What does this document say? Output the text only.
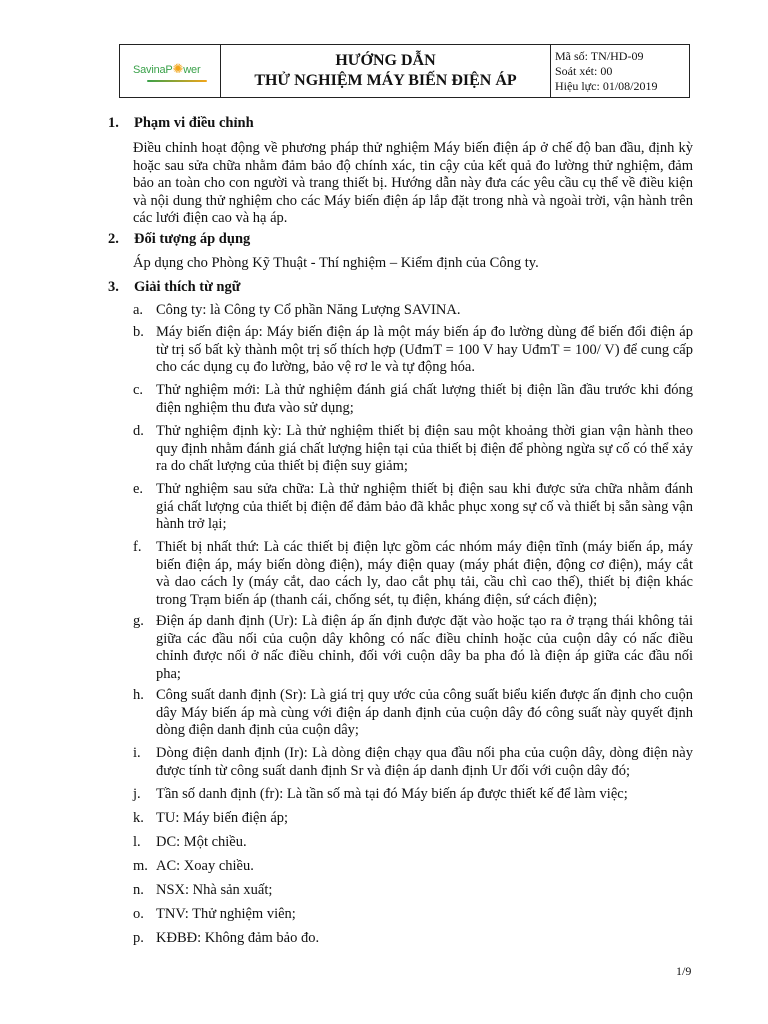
SavinaP✺wer
HƯỚNG DẪN
THỬ NGHIỆM MÁY BIẾN ĐIỆN ÁP
Mã số: TN/HD-09
Soát xét: 00
Hiệu lực: 01/08/2019
1. Phạm vi điều chỉnh
Điều chỉnh hoạt động về phương pháp thử nghiệm Máy biến điện áp ở chế độ ban đầu, định kỳ hoặc sau sửa chữa nhằm đảm bảo độ chính xác, tin cậy của kết quả đo lường thử nghiệm, đảm bảo an toàn cho con người và trang thiết bị. Hướng dẫn này đưa các yêu cầu cụ thể về điều kiện và nội dung thử nghiệm cho các Máy biến điện áp lắp đặt trong nhà và ngoài trời, vận hành trên các lưới điện cao và hạ áp.
2. Đối tượng áp dụng
Áp dụng cho Phòng Kỹ Thuật - Thí nghiệm – Kiểm định của Công ty.
3. Giải thích từ ngữ
a. Công ty: là Công ty Cổ phần Năng Lượng SAVINA.
b. Máy biến điện áp: Máy biến điện áp là một máy biến áp đo lường dùng để biến đổi điện áp từ trị số bất kỳ thành một trị số thích hợp (UđmT = 100 V hay UđmT = 100/ V) để cung cấp cho các dụng cụ đo lường, bảo vệ rơ le và tự động hóa.
c. Thử nghiệm mới: Là thử nghiệm đánh giá chất lượng thiết bị điện lần đầu trước khi đóng điện nghiệm thu đưa vào sử dụng;
d. Thử nghiệm định kỳ: Là thử nghiệm thiết bị điện sau một khoảng thời gian vận hành theo quy định nhằm đánh giá chất lượng hiện tại của thiết bị điện để phòng ngừa sự cố có thể xảy ra do chất lượng của thiết bị điện suy giảm;
e. Thử nghiệm sau sửa chữa: Là thử nghiệm thiết bị điện sau khi được sửa chữa nhằm đánh giá chất lượng của thiết bị điện để đảm bảo đã khắc phục xong sự cố và thiết bị sẵn sàng vận hành trở lại;
f. Thiết bị nhất thứ: Là các thiết bị điện lực gồm các nhóm máy điện tĩnh (máy biến áp, máy biến điện áp, máy biến dòng điện), máy điện quay (máy phát điện, động cơ điện), máy cắt và dao cách ly (máy cắt, dao cách ly, dao cắt phụ tải, cầu chì cao thế), thiết bị điện khác trong Trạm biến áp (thanh cái, chống sét, tụ điện, kháng điện, sứ cách điện);
g. Điện áp danh định (Ur): Là điện áp ấn định được đặt vào hoặc tạo ra ở trạng thái không tải giữa các đầu nối của cuộn dây không có nấc điều chỉnh hoặc của cuộn dây có nấc điều chỉnh được nối ở nấc điều chỉnh, đối với cuộn dây ba pha đó là điện áp giữa các đầu nối pha;
h. Công suất danh định (Sr): Là giá trị quy ước của công suất biểu kiến được ấn định cho cuộn dây Máy biến áp mà cùng với điện áp danh định của cuộn dây đó công suất này quyết định dòng điện danh định của cuộn dây;
i. Dòng điện danh định (Ir): Là dòng điện chạy qua đầu nối pha của cuộn dây, dòng điện này được tính từ công suất danh định Sr và điện áp danh định Ur đối với cuộn dây đó;
j. Tần số danh định (fr): Là tần số mà tại đó Máy biến áp được thiết kế để làm việc;
k. TU: Máy biến điện áp;
l. DC: Một chiều.
m. AC: Xoay chiều.
n. NSX: Nhà sản xuất;
o. TNV: Thử nghiệm viên;
p. KĐBĐ: Không đảm bảo đo.
1/9
